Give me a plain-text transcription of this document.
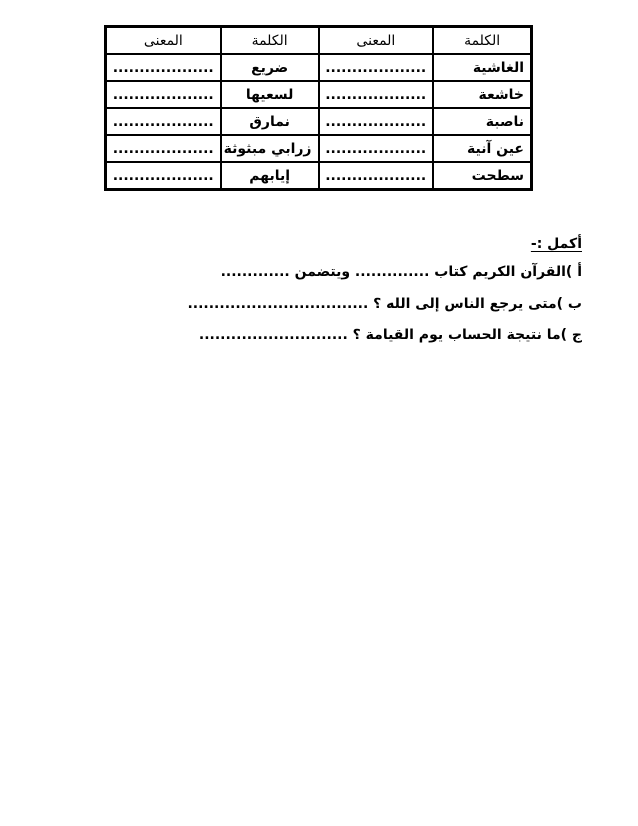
الكلمة	المعنى	الكلمة	المعنى
الغاشية	...................	ضريع	...................
خاشعة	...................	لسعيها	...................
ناصبة	...................	نمارق	...................
عين آنية	...................	زرابي مبثوثة	...................
سطحت	...................	إيابهم	...................
أكمل :-
أ )القرآن الكريم كتاب .............. ويتضمن .............
ب )متى يرجع الناس إلى الله ؟ ..................................
ج )ما نتيجة الحساب يوم القيامة ؟ ............................
